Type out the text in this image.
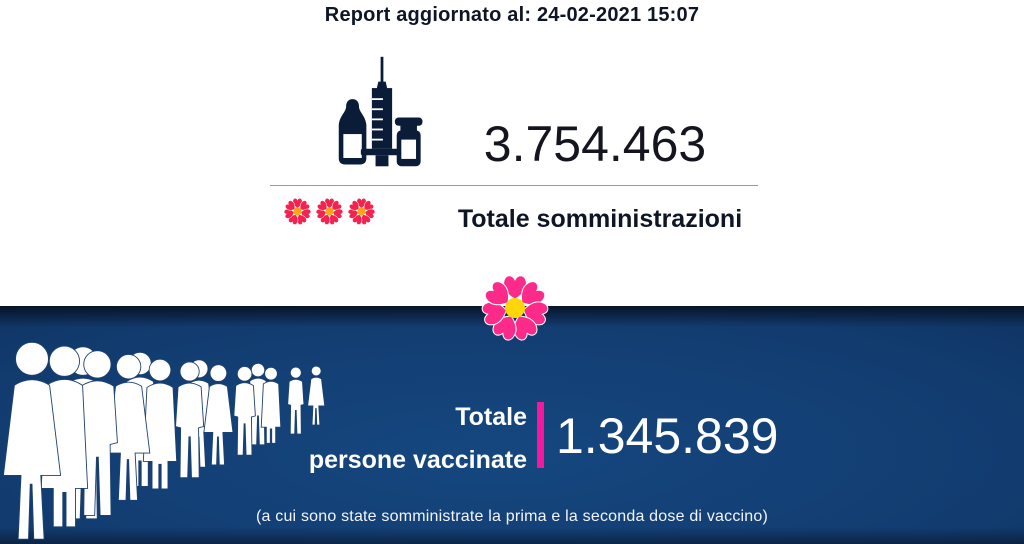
Report aggiornato al: 24-02-2021 15:07
3.754.463
Totale somministrazioni
Totale
persone vaccinate 1.345.839
(a cui sono state somministrate la prima e la seconda dose di vaccino)
